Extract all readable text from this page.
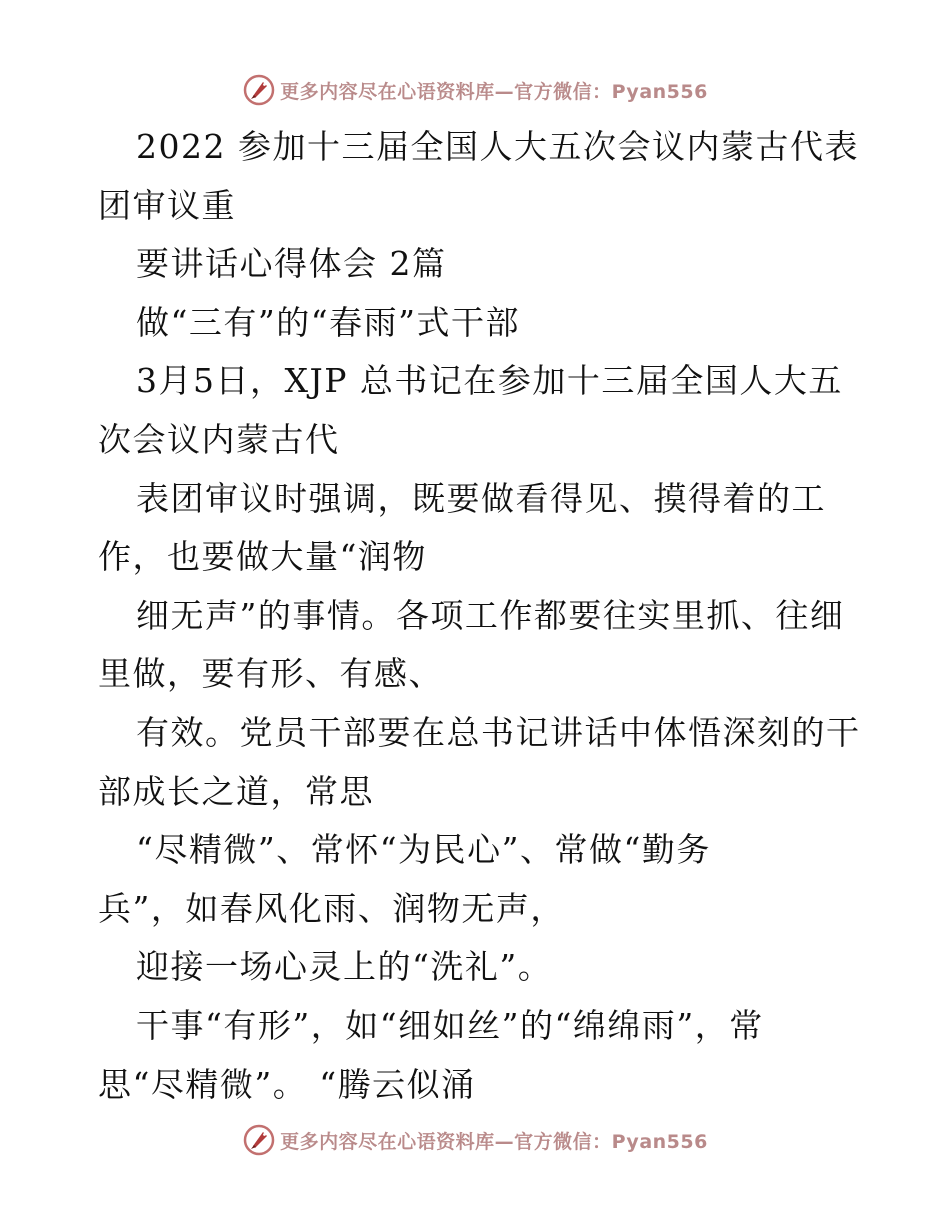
更多内容尽在心语资料库—官方微信：Pyan556
2022 参加十三届全国人大五次会议内蒙古代表
团审议重
要讲话心得体会 2篇
做“三有”的“春雨”式干部
3月5日，XJP 总书记在参加十三届全国人大五
次会议内蒙古代
表团审议时强调，既要做看得见、摸得着的工
作，也要做大量“润物
细无声”的事情。各项工作都要往实里抓、往细
里做，要有形、有感、
有效。党员干部要在总书记讲话中体悟深刻的干
部成长之道，常思
“尽精微”、常怀“为民心”、常做“勤务
兵”，如春风化雨、润物无声，
迎接一场心灵上的“洗礼”。
干事“有形”，如“细如丝”的“绵绵雨”，常
思“尽精微”。 “腾云似涌
更多内容尽在心语资料库—官方微信：Pyan556
